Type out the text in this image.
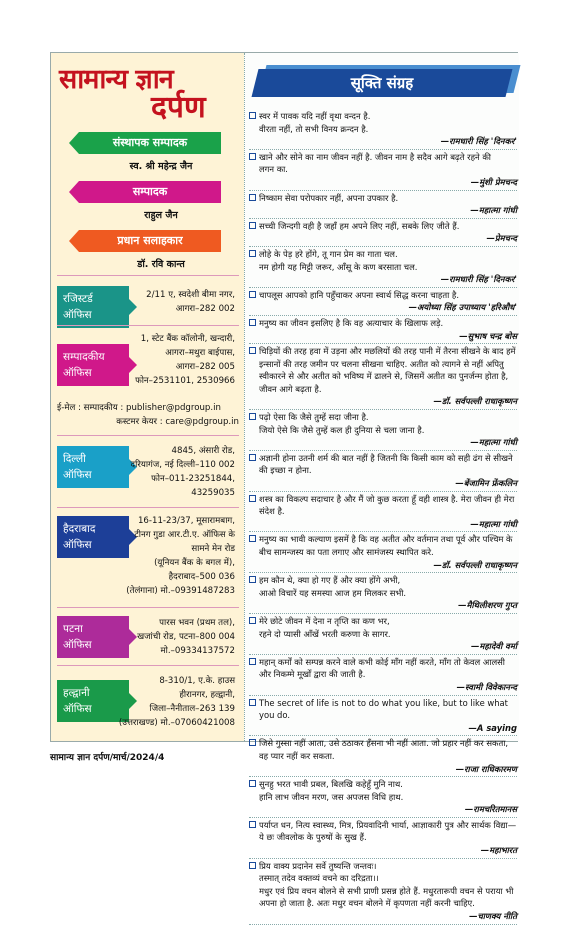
सामान्य ज्ञान
दर्पण
संस्थापक सम्पादक
स्व. श्री महेन्द्र जैन
सम्पादक
राहुल जैन
प्रधान सलाहकार
डॉ. रवि कान्त
रजिस्टर्ड
ऑफिस
2/11 ए, स्वदेशी बीमा नगर,
आगरा–282 002
सम्पादकीय
ऑफिस
1, स्टेट बैंक कॉलोनी, खन्दारी,
आगरा–मथुरा बाईपास,
आगरा–282 005
फोन–2531101, 2530966
ई-मेल : सम्पादकीय : publisher@pdgroup.in
कस्टमर केयर : care@pdgroup.in
दिल्ली
ऑफिस
4845, अंसारी रोड,
दरियागंज, नई दिल्ली–110 002
फोन–011-23251844,
43259035
हैदराबाद
ऑफिस
16-11-23/37, मूसारामबाग,
टीनग गुडा आर.टी.ए. ऑफिस के
सामने मेन रोड
(यूनियन बैंक के बगल में),
हैदराबाद–500 036
(तेलंगाना) मो.–09391487283
पटना
ऑफिस
पारस भवन (प्रथम तल),
खजांची रोड, पटना–800 004
मो.–09334137572
हल्द्वानी
ऑफिस
8-310/1, ए.के. हाउस
हीरानगर, हल्द्वानी,
जिला–नैनीताल–263 139
(उत्तराखण्ड) मो.–07060421008
सूक्ति संग्रह
स्वर में पावक यदि नहीं वृथा वन्दन है.
वीरता नहीं, तो सभी विनय क्रन्दन है.
—रामधारी सिंह 'दिनकर'
खाने और सोने का नाम जीवन नहीं है. जीवन नाम है सदैव आगे बढ़ते रहने की
लगन का.
—मुंशी प्रेमचन्द
निष्काम सेवा परोपकार नहीं, अपना उपकार है.
—महात्मा गांधी
सच्ची जिन्दगी वही है जहाँ हम अपने लिए नहीं, सबके लिए जीते हैं.
—प्रेमचन्द
लोहे के पेड़ हरे होंगे, तू गान प्रेम का गाता चल.
नम होगी यह मिट्टी जरूर, आँसू के कण बरसाता चल.
—रामधारी सिंह 'दिनकर'
चापलूस आपको हानि पहुँचाकर अपना स्वार्थ सिद्ध करना चाहता है.
—अयोध्या सिंह उपाध्याय 'हरिऔध'
मनुष्य का जीवन इसलिए है कि वह अत्याचार के खिलाफ लड़े.
—सुभाष चन्द्र बोस
चिड़ियों की तरह हवा में उड़ना और मछलियों की तरह पानी में तैरना सीखने के बाद हमें इन्सानों की तरह जमीन पर चलना सीखना चाहिए. अतीत को त्यागने से नहीं अपितु स्वीकारने से और अतीत को भविष्य में ढालने से, जिसमें अतीत का पुनर्जन्म होता है, जीवन आगे बढ़ता है.
—डॉ. सर्वपल्ली राधाकृष्णन
पढ़ो ऐसा कि जैसे तुम्हें सदा जीना है.
जियो ऐसे कि जैसे तुम्हें कल ही दुनिया से चला जाना है.
—महात्मा गांधी
अज्ञानी होना उतनी शर्म की बात नहीं है जितनी कि किसी काम को सही ढंग से सीखने की इच्छा न होना.
—बेंजामिन फ्रेंकलिन
शस्त्र का विकल्प सदाचार है और मैं जो कुछ करता हूँ वही शास्त्र है. मेरा जीवन ही मेरा संदेश है.
—महात्मा गांधी
मनुष्य का भावी कल्याण इसमें है कि वह अतीत और वर्तमान तथा पूर्व और पश्चिम के बीच सामन्जस्य का पता लगाए और सामंजस्य स्थापित करे.
—डॉ. सर्वपल्ली राधाकृष्णन
हम कौन थे, क्या हो गए हैं और क्या होंगे अभी,
आओ विचारें यह समस्या आज हम मिलकर सभी.
—मैथिलीशरण गुप्त
मेरे छोटे जीवन में देना न तृप्ति का कण भर,
रहने दो प्यासी आँखें भरती करुणा के सागर.
—महादेवी वर्मा
महान् कर्मों को सम्पन्न करने वाले कभी कोई माँग नहीं करते, माँग तो केवल आलसी और निकम्मे मूर्खों द्वारा की जाती है.
—स्वामी विवेकानन्द
The secret of life is not to do what you like, but to like what you do.
—A saying
जिसे गुस्सा नहीं आता, उसे ठठाकर हँसना भी नहीं आता. जो प्रहार नहीं कर सकता, वह प्यार नहीं कर सकता.
—राजा राधिकारमण
सुनहु भरत भावी प्रबल, बिलखि कहेहुँ मुनि नाथ.
हानि लाभ जीवन मरण, जस अपजस विधि हाथ.
—रामचरितमानस
पर्याप्त धन, नित्य स्वास्थ्य, मित्र, प्रियवादिनी भार्या, आज्ञाकारी पुत्र और सार्थक विद्या—ये छः जीवलोक के पुरुषों के सुख हैं.
—महाभारत
प्रिय वाक्य प्रदानेन सर्वे तुष्यन्ति जन्तवः।
तस्मात् तदेव वक्तव्यं वचने का दरिद्रता।।
मधुर एवं प्रिय वचन बोलने से सभी प्राणी प्रसन्न होते हैं. मधुरतारूपी वचन से पराया भी अपना हो जाता है. अतः मधुर वचन बोलने में कृपणता नहीं करनी चाहिए.
—चाणक्य नीति
सामान्य ज्ञान दर्पण/मार्च/2024/4
